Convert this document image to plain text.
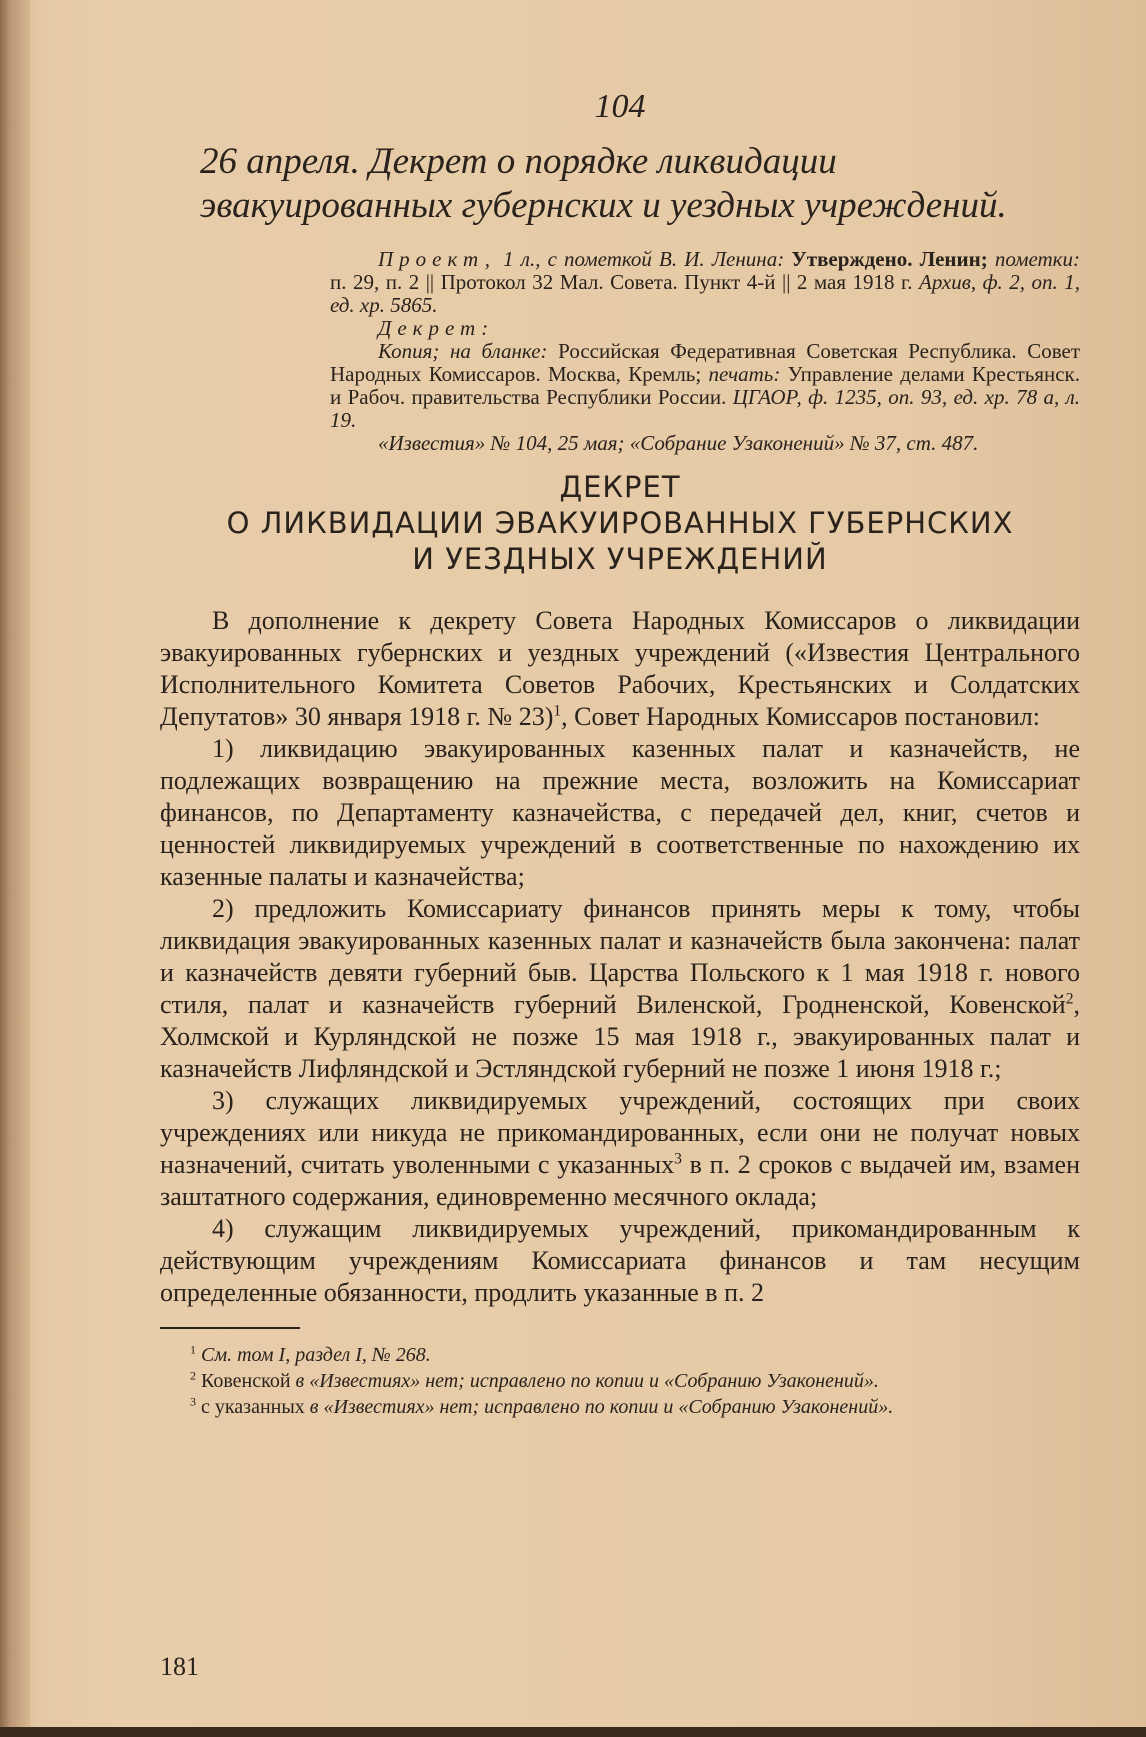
104
26 апреля. Декрет о порядке ликвидации эвакуированных губернских и уездных учреждений.

Проект, 1 л., с пометкой В. И. Ленина: Утверждено. Ленин; пометки: п. 29, п. 2 || Протокол 32 Мал. Совета. Пункт 4-й || 2 мая 1918 г. Архив, ф. 2, оп. 1, ед. хр. 5865.

Декрет:

Копия; на бланке: Российская Федеративная Советская Республика. Совет Народных Комиссаров. Москва, Кремль; печать: Управление делами Крестьянск. и Рабоч. правительства Республики России. ЦГАОР, ф. 1235, оп. 93, ед. хр. 78 а, л. 19.

«Известия» № 104, 25 мая; «Собрание Узаконений» № 37, ст. 487.

ДЕКРЕТ
О ЛИКВИДАЦИИ ЭВАКУИРОВАННЫХ ГУБЕРНСКИХ
И УЕЗДНЫХ УЧРЕЖДЕНИЙ

В дополнение к декрету Совета Народных Комиссаров о ликвидации эвакуированных губернских и уездных учреждений («Известия Центрального Исполнительного Комитета Советов Рабочих, Крестьянских и Солдатских Депутатов» 30 января 1918 г. № 23)$^1$, Совет Народных Комиссаров постановил:

1) ликвидацию эвакуированных казенных палат и казначейств, не подлежащих возвращению на прежние места, возложить на Комиссариат финансов, по Департаменту казначейства, с передачей дел, книг, счетов и ценностей ликвидируемых учреждений в соответственные по нахождению их казенные палаты и казначейства;

2) предложить Комиссариату финансов принять меры к тому, чтобы ликвидация эвакуированных казенных палат и казначейств была закончена: палат и казначейств девяти губерний быв. Царства Польского к 1 мая 1918 г. нового стиля, палат и казначейств губерний Виленской, Гродненской, Ковенской$^2$, Холмской и Курляндской не позже 15 мая 1918 г., эвакуированных палат и казначейств Лифляндской и Эстляндской губерний не позже 1 июня 1918 г.;

3) служащих ликвидируемых учреждений, состоящих при своих учреждениях или никуда не прикомандированных, если они не получат новых назначений, считать уволенными с указанных$^3$ в п. 2 сроков с выдачей им, взамен заштатного содержания, единовременно месячного оклада;

4) служащим ликвидируемых учреждений, прикомандированным к действующим учреждениям Комиссариата финансов и там несущим определенные обязанности, продлить указанные в п. 2

$^1$ См. том I, раздел I, № 268.

$^2$ Ковенской в «Известиях» нет; исправлено по копии и «Собранию Узаконений».

$^3$ с указанных в «Известиях» нет; исправлено по копии и «Собранию Узаконений».

181
